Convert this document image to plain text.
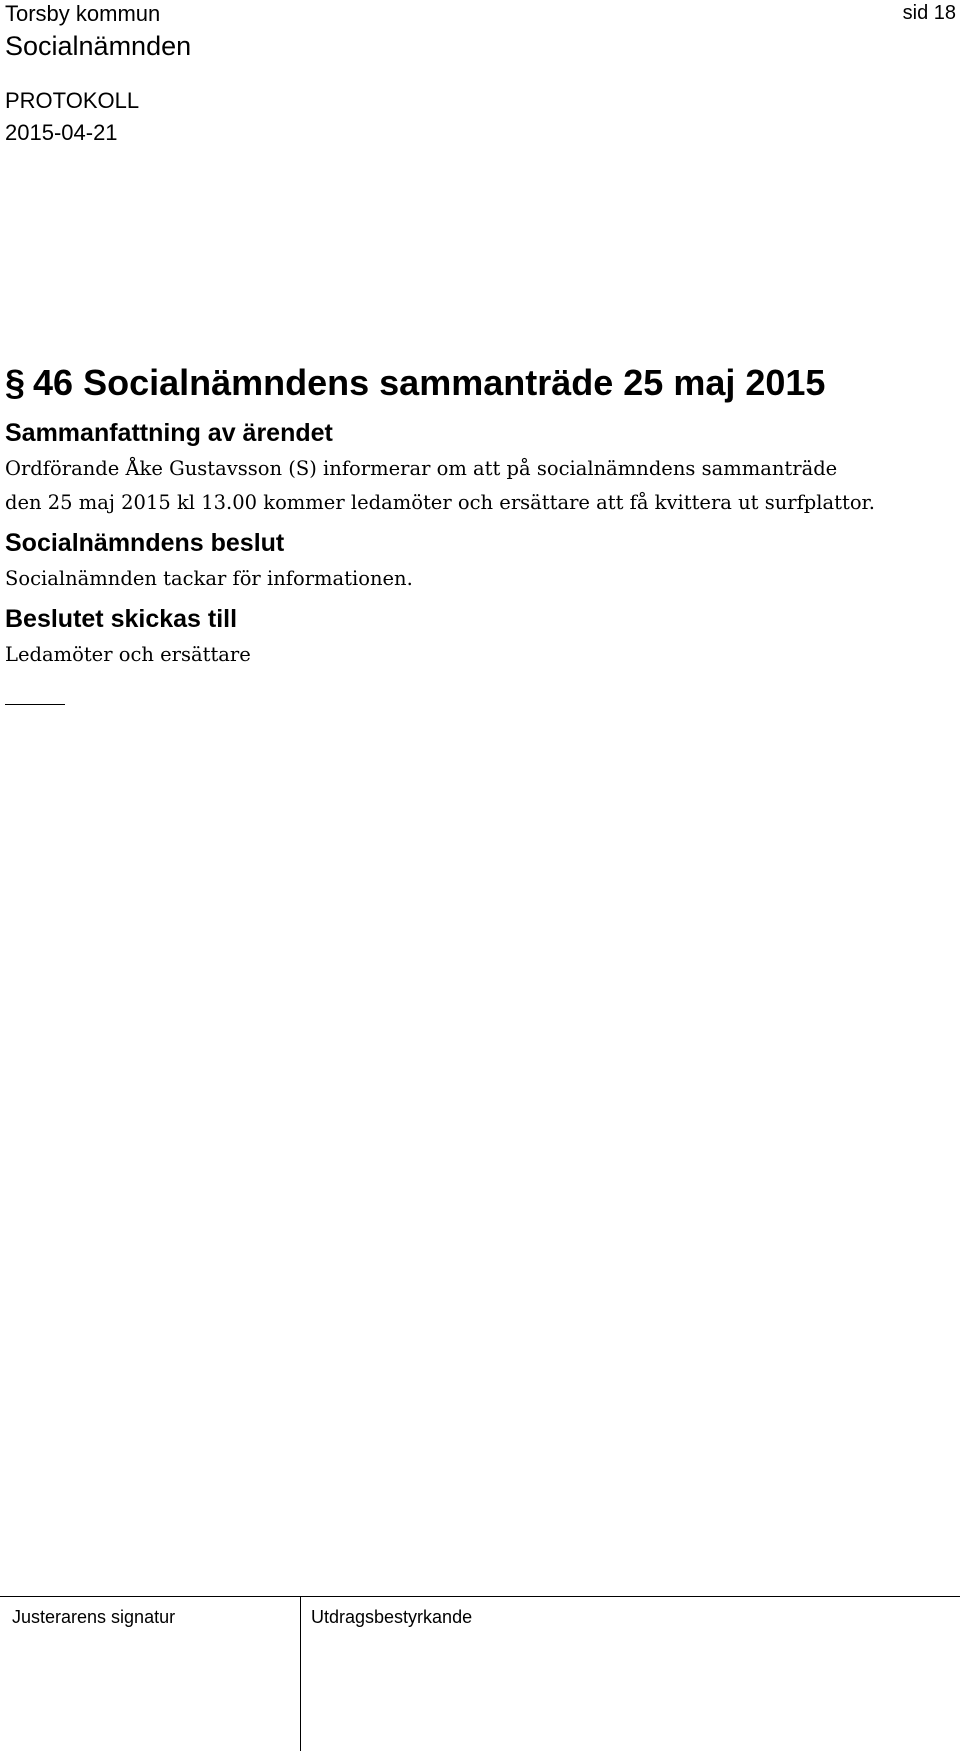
Torsby kommun
Socialnämnden
PROTOKOLL
2015-04-21
sid 18
§ 46 Socialnämndens sammanträde 25 maj 2015
Sammanfattning av ärendet

Ordförande Åke Gustavsson (S) informerar om att på socialnämndens sammanträde

den 25 maj 2015 kl 13.00 kommer ledamöter och ersättare att få kvittera ut surfplattor.

Socialnämndens beslut

Socialnämnden tackar för informationen.

Beslutet skickas till

Ledamöter och ersättare

Justerarens signatur	Utdragsbestyrkande
